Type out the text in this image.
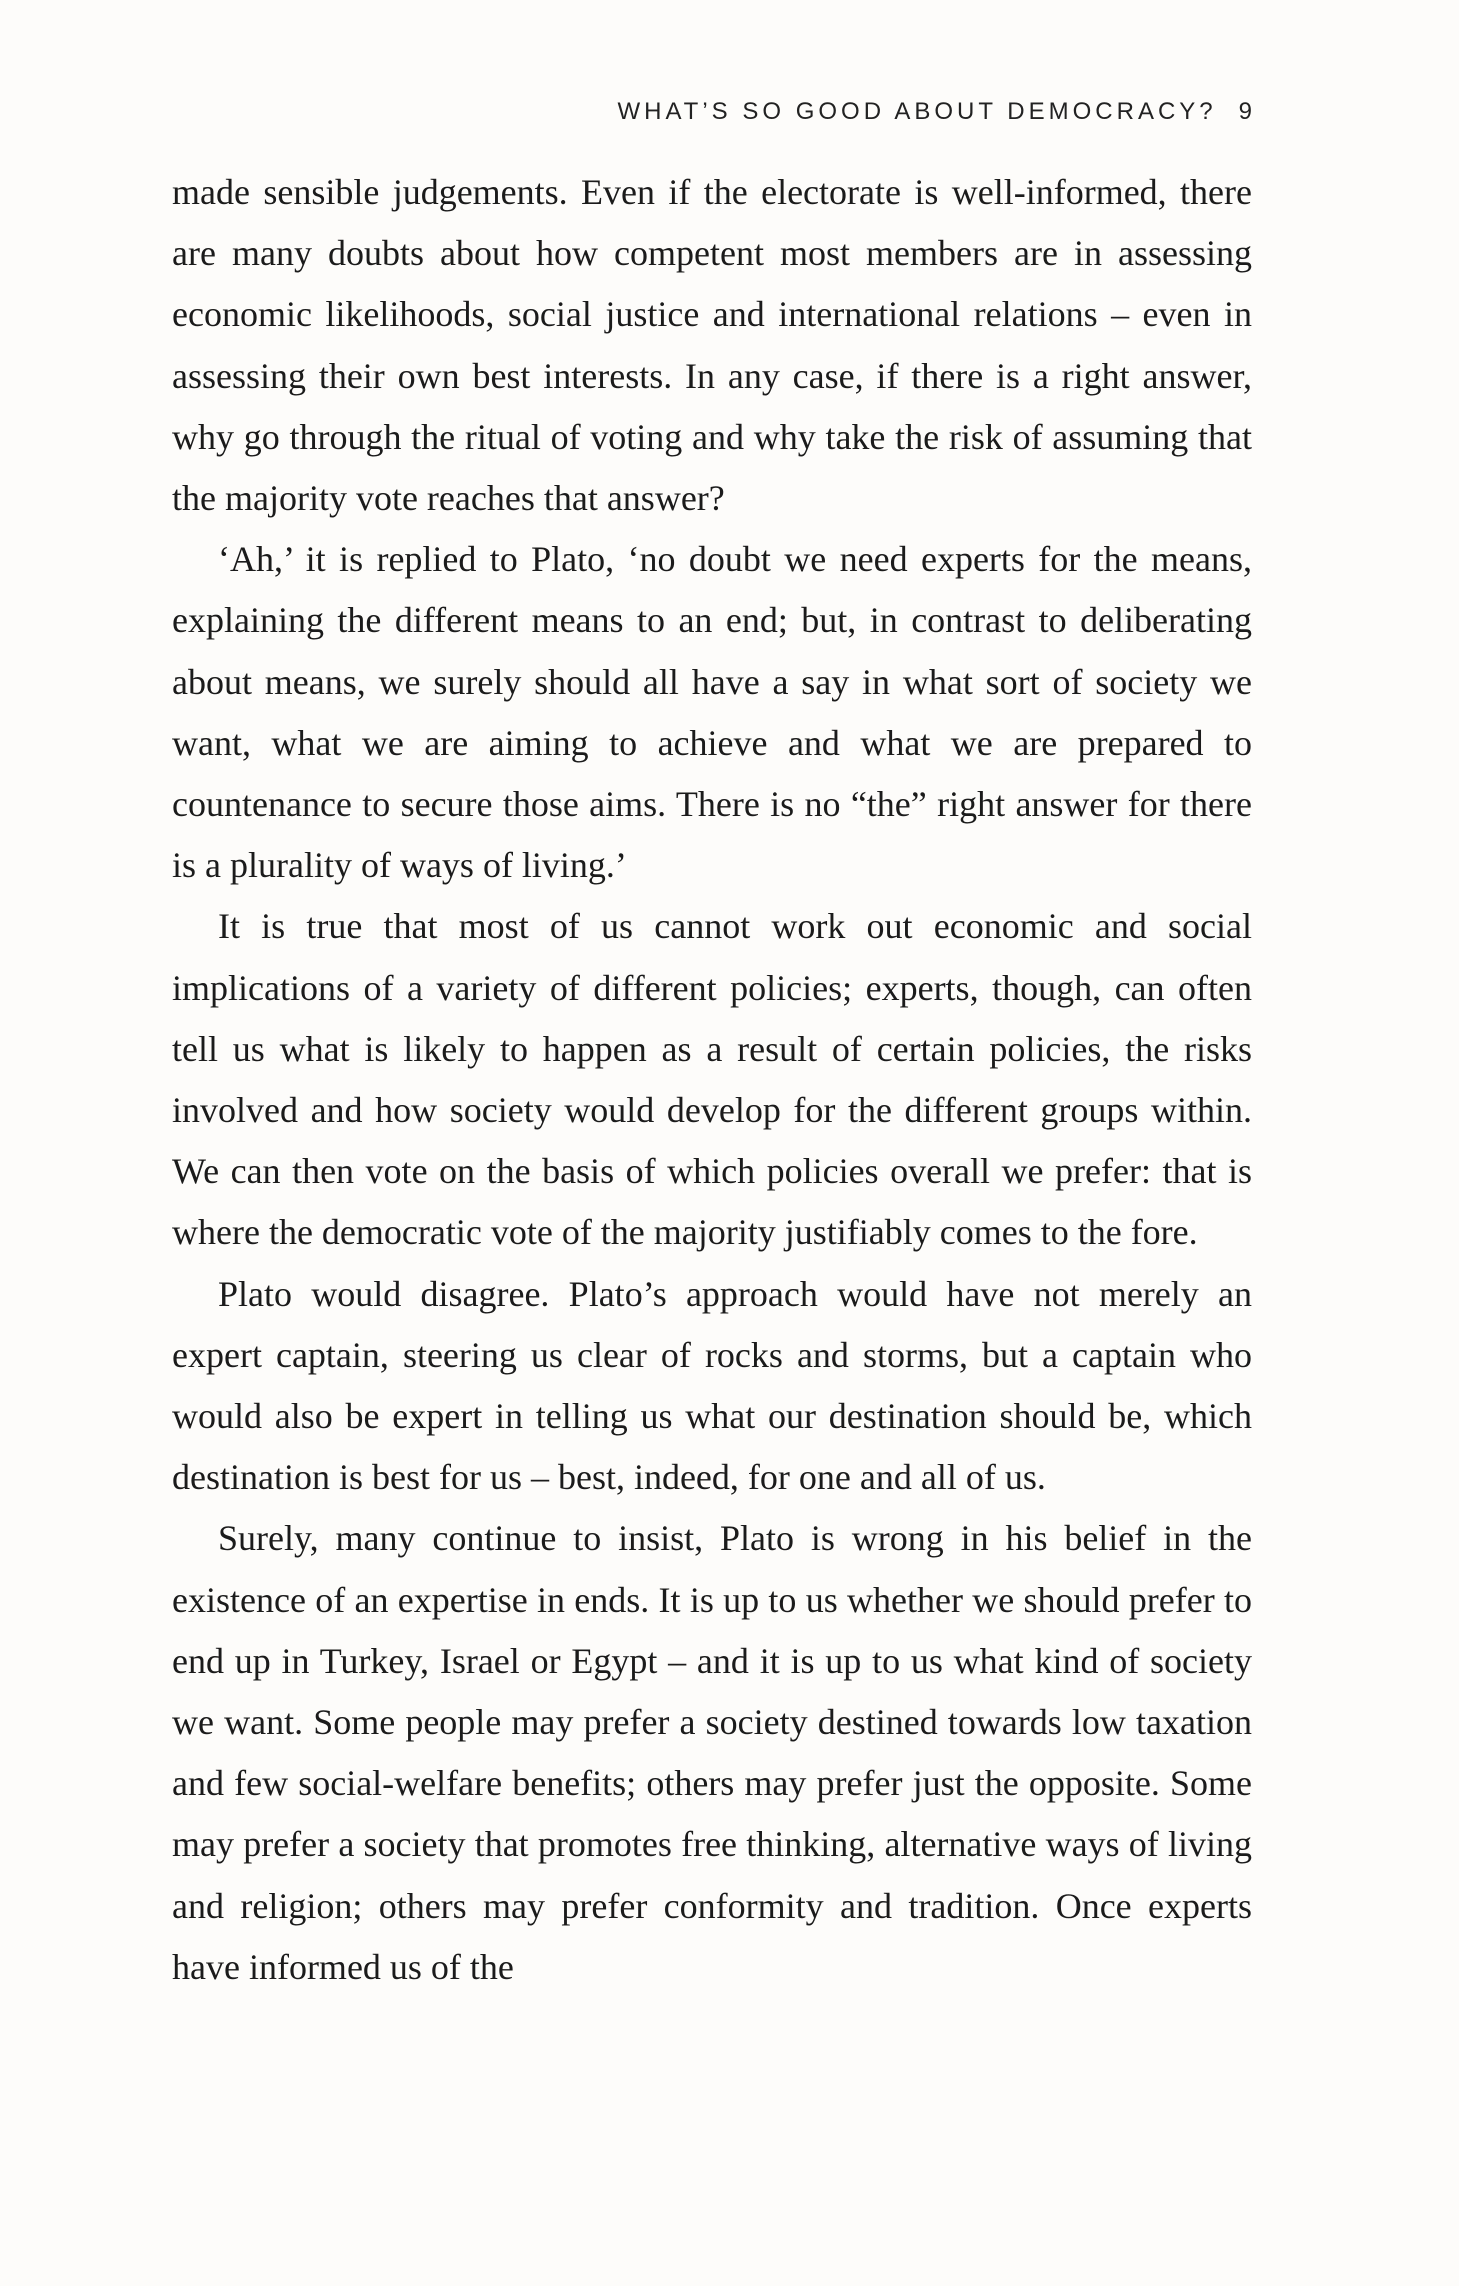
WHAT’S SO GOOD ABOUT DEMOCRACY? 9

made sensible judgements. Even if the electorate is well-informed, there are many doubts about how competent most members are in assessing economic likelihoods, social justice and international relations – even in assessing their own best interests. In any case, if there is a right answer, why go through the ritual of voting and why take the risk of assuming that the majority vote reaches that answer?

‘Ah,’ it is replied to Plato, ‘no doubt we need experts for the means, explaining the different means to an end; but, in contrast to deliberating about means, we surely should all have a say in what sort of society we want, what we are aiming to achieve and what we are prepared to countenance to secure those aims. There is no “the” right answer for there is a plurality of ways of living.’

It is true that most of us cannot work out economic and social implications of a variety of different policies; experts, though, can often tell us what is likely to happen as a result of certain policies, the risks involved and how society would develop for the different groups within. We can then vote on the basis of which policies overall we prefer: that is where the democratic vote of the majority justifiably comes to the fore.

Plato would disagree. Plato’s approach would have not merely an expert captain, steering us clear of rocks and storms, but a captain who would also be expert in telling us what our destination should be, which destination is best for us – best, indeed, for one and all of us.

Surely, many continue to insist, Plato is wrong in his belief in the existence of an expertise in ends. It is up to us whether we should prefer to end up in Turkey, Israel or Egypt – and it is up to us what kind of society we want. Some people may prefer a society destined towards low taxation and few social-welfare benefits; others may prefer just the opposite. Some may prefer a society that promotes free thinking, alternative ways of living and religion; others may prefer conformity and tradition. Once experts have informed us of the
